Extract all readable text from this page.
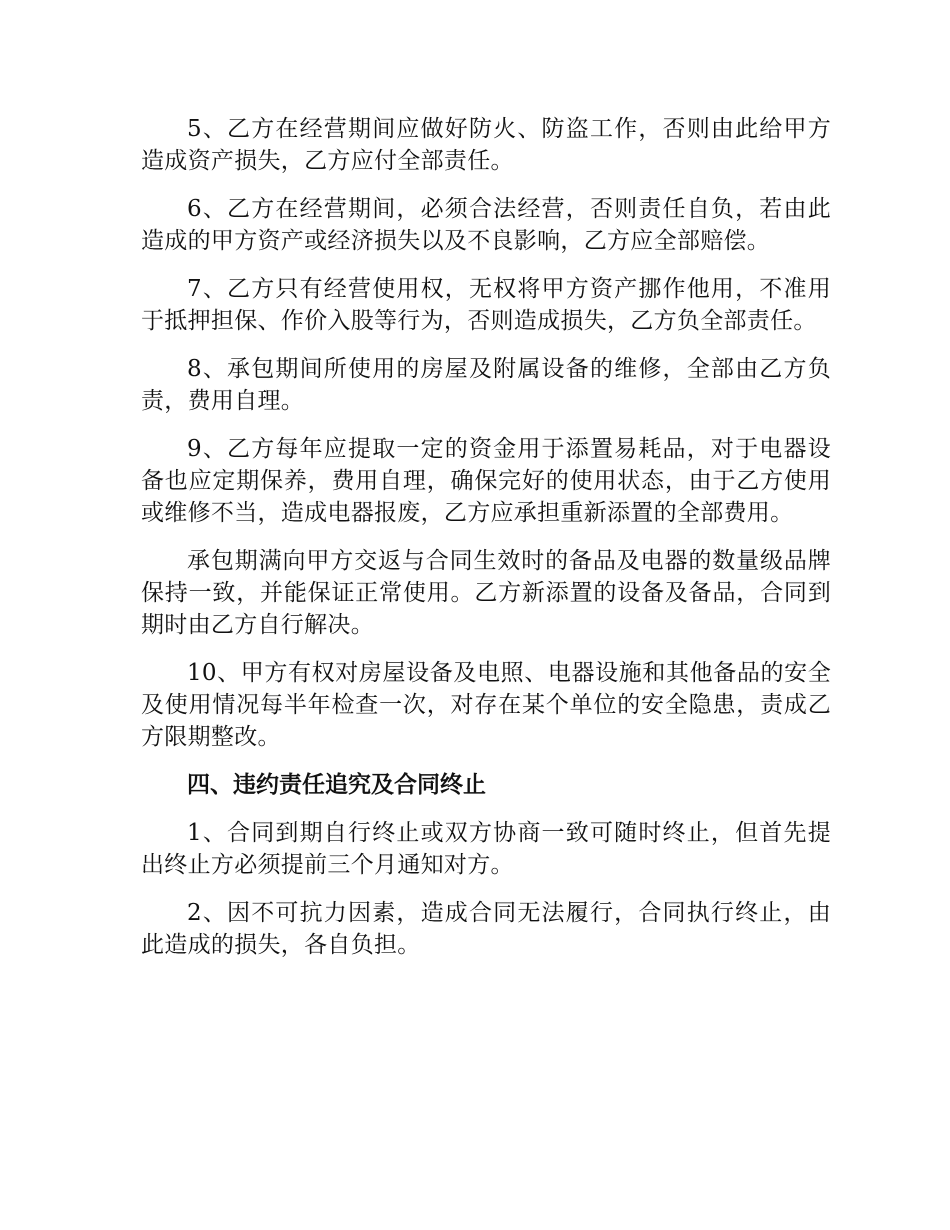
5、乙方在经营期间应做好防火、防盗工作，否则由此给甲方造成资产损失，乙方应付全部责任。

6、乙方在经营期间，必须合法经营，否则责任自负，若由此造成的甲方资产或经济损失以及不良影响，乙方应全部赔偿。

7、乙方只有经营使用权，无权将甲方资产挪作他用，不准用于抵押担保、作价入股等行为，否则造成损失，乙方负全部责任。

8、承包期间所使用的房屋及附属设备的维修，全部由乙方负责，费用自理。

9、乙方每年应提取一定的资金用于添置易耗品，对于电器设备也应定期保养，费用自理，确保完好的使用状态，由于乙方使用或维修不当，造成电器报废，乙方应承担重新添置的全部费用。

承包期满向甲方交返与合同生效时的备品及电器的数量级品牌保持一致，并能保证正常使用。乙方新添置的设备及备品，合同到期时由乙方自行解决。

10、甲方有权对房屋设备及电照、电器设施和其他备品的安全及使用情况每半年检查一次，对存在某个单位的安全隐患，责成乙方限期整改。

四、违约责任追究及合同终止

1、合同到期自行终止或双方协商一致可随时终止，但首先提出终止方必须提前三个月通知对方。

2、因不可抗力因素，造成合同无法履行，合同执行终止，由此造成的损失，各自负担。
